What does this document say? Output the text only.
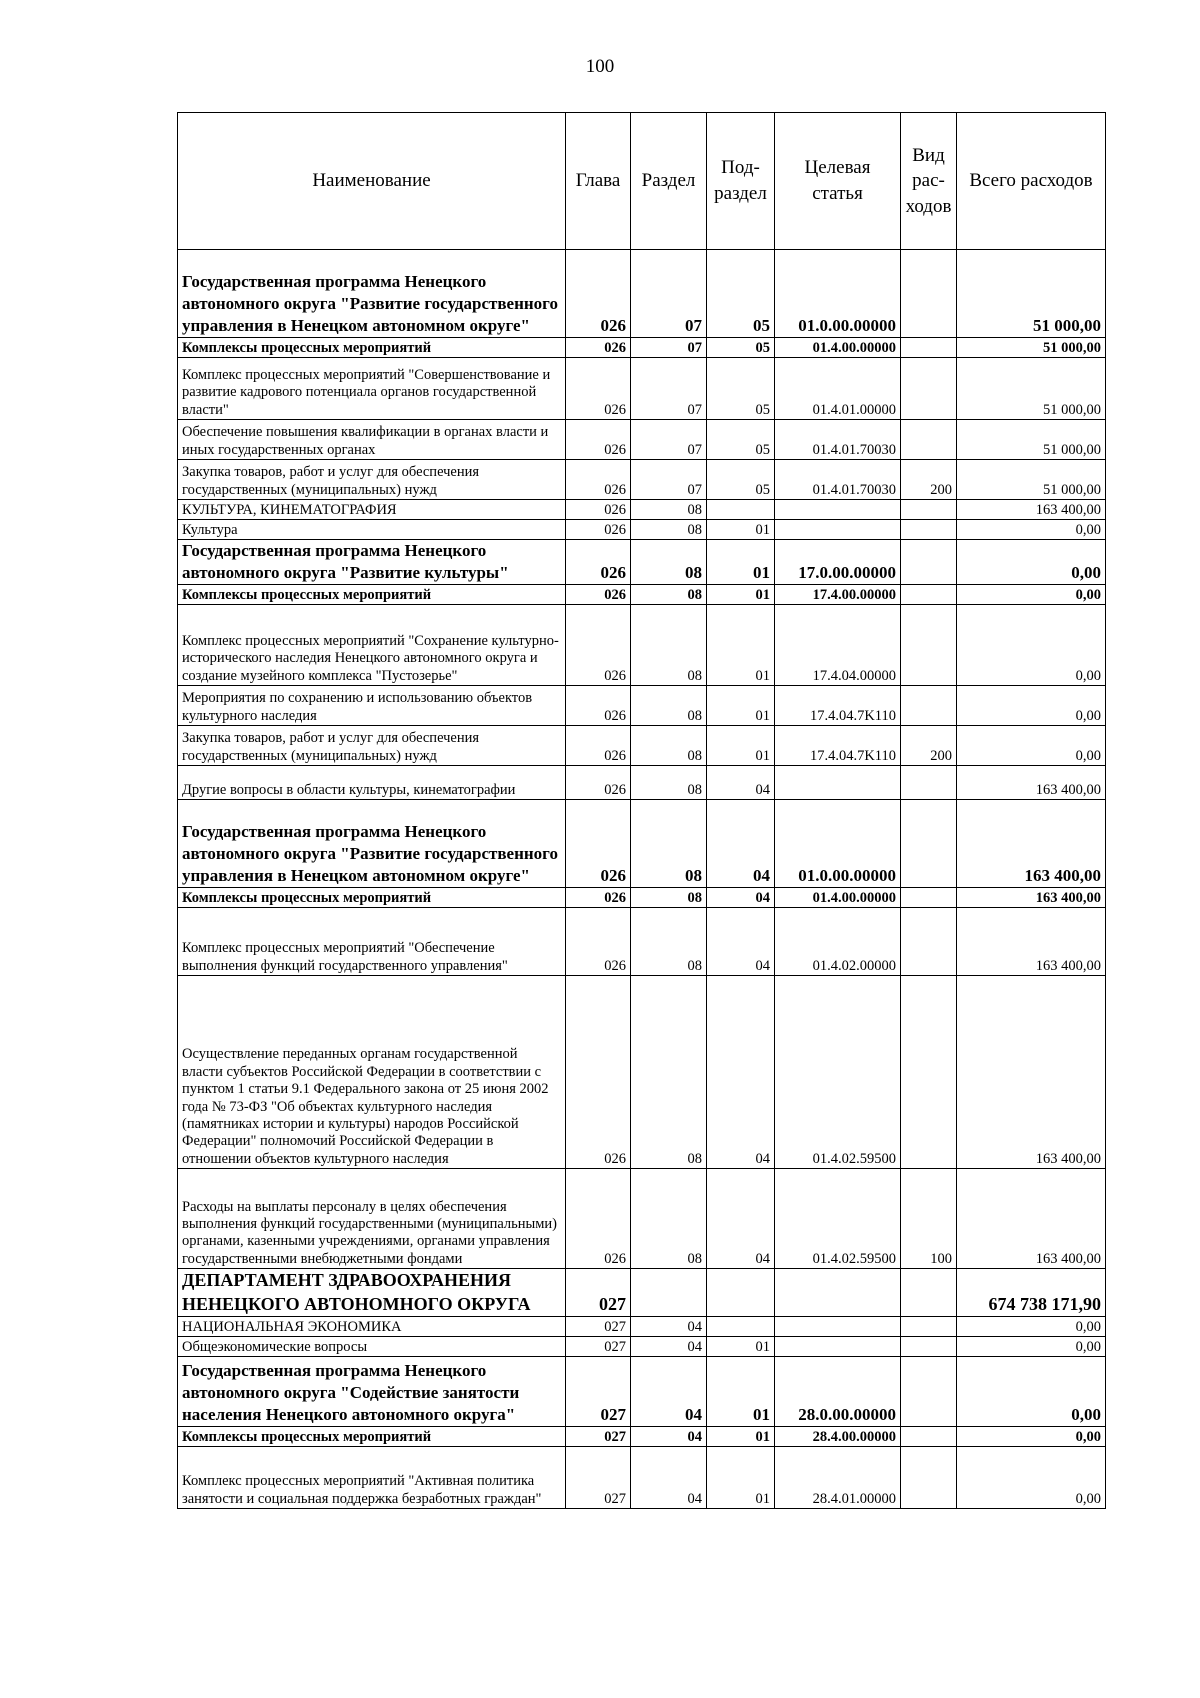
100
Наименование	Глава	Раздел	Под-раздел	Целевая статья	Вид рас-ходов	Всего расходов
Государственная программа Ненецкого автономного округа "Развитие государственного управления в Ненецком автономном округе"	026	07	05	01.0.00.00000		51 000,00
Комплексы процессных мероприятий	026	07	05	01.4.00.00000		51 000,00
Комплекс процессных мероприятий "Совершенствование и развитие кадрового потенциала органов государственной власти"	026	07	05	01.4.01.00000		51 000,00
Обеспечение повышения квалификации в органах власти и иных государственных органах	026	07	05	01.4.01.70030		51 000,00
Закупка товаров, работ и услуг для обеспечения государственных (муниципальных) нужд	026	07	05	01.4.01.70030	200	51 000,00
КУЛЬТУРА, КИНЕМАТОГРАФИЯ	026	08				163 400,00
Культура	026	08	01			0,00
Государственная программа Ненецкого автономного округа "Развитие культуры"	026	08	01	17.0.00.00000		0,00
Комплексы процессных мероприятий	026	08	01	17.4.00.00000		0,00
Комплекс процессных мероприятий "Сохранение культурно-исторического наследия Ненецкого автономного округа и создание музейного комплекса "Пустозерье"	026	08	01	17.4.04.00000		0,00
Мероприятия по сохранению и использованию объектов культурного наследия	026	08	01	17.4.04.7K110		0,00
Закупка товаров, работ и услуг для обеспечения государственных (муниципальных) нужд	026	08	01	17.4.04.7K110	200	0,00
Другие вопросы в области культуры, кинематографии	026	08	04			163 400,00
Государственная программа Ненецкого автономного округа "Развитие государственного управления в Ненецком автономном округе"	026	08	04	01.0.00.00000		163 400,00
Комплексы процессных мероприятий	026	08	04	01.4.00.00000		163 400,00
Комплекс процессных мероприятий "Обеспечение выполнения функций государственного управления"	026	08	04	01.4.02.00000		163 400,00
Осуществление переданных органам государственной власти субъектов Российской Федерации в соответствии с пунктом 1 статьи 9.1 Федерального закона от 25 июня 2002 года № 73-ФЗ "Об объектах культурного наследия (памятниках истории и культуры) народов Российской Федерации" полномочий Российской Федерации в отношении объектов культурного наследия	026	08	04	01.4.02.59500		163 400,00
Расходы на выплаты персоналу в целях обеспечения выполнения функций государственными (муниципальными) органами, казенными учреждениями, органами управления государственными внебюджетными фондами	026	08	04	01.4.02.59500	100	163 400,00
ДЕПАРТАМЕНТ ЗДРАВООХРАНЕНИЯ НЕНЕЦКОГО АВТОНОМНОГО ОКРУГА	027					674 738 171,90
НАЦИОНАЛЬНАЯ ЭКОНОМИКА	027	04				0,00
Общеэкономические вопросы	027	04	01			0,00
Государственная программа Ненецкого автономного округа "Содействие занятости населения Ненецкого автономного округа"	027	04	01	28.0.00.00000		0,00
Комплексы процессных мероприятий	027	04	01	28.4.00.00000		0,00
Комплекс процессных мероприятий "Активная политика занятости и социальная поддержка безработных граждан"	027	04	01	28.4.01.00000		0,00
